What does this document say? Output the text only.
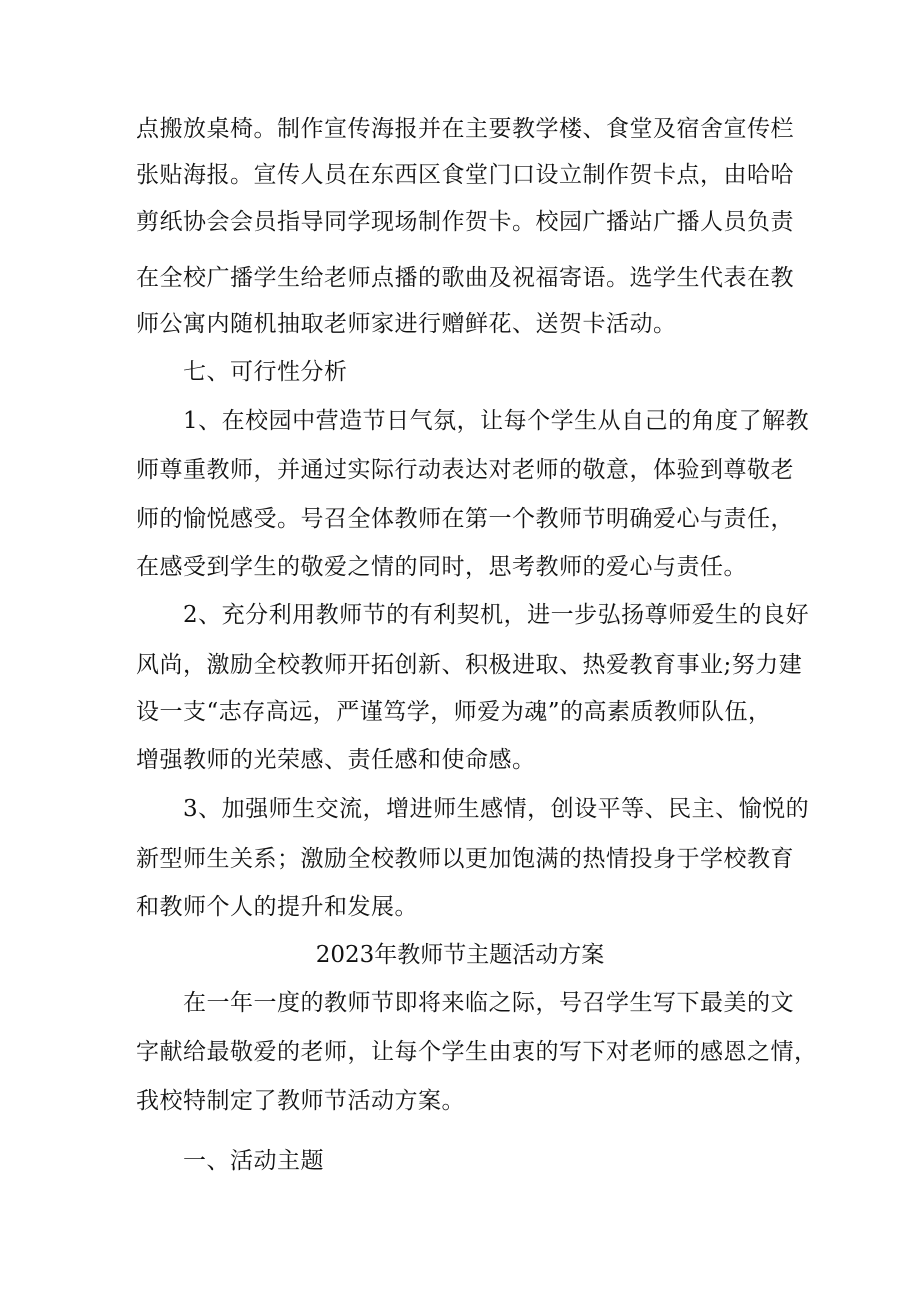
点搬放桌椅。制作宣传海报并在主要教学楼、食堂及宿舍宣传栏
张贴海报。宣传人员在东西区食堂门口设立制作贺卡点，由哈哈
剪纸协会会员指导同学现场制作贺卡。校园广播站广播人员负责
在全校广播学生给老师点播的歌曲及祝福寄语。选学生代表在教
师公寓内随机抽取老师家进行赠鲜花、送贺卡活动。
七、可行性分析
1、在校园中营造节日气氛，让每个学生从自己的角度了解教
师尊重教师，并通过实际行动表达对老师的敬意，体验到尊敬老
师的愉悦感受。号召全体教师在第一个教师节明确爱心与责任，
在感受到学生的敬爱之情的同时，思考教师的爱心与责任。
2、充分利用教师节的有利契机，进一步弘扬尊师爱生的良好
风尚，激励全校教师开拓创新、积极进取、热爱教育事业;努力建
设一支“志存高远，严谨笃学，师爱为魂”的高素质教师队伍，
增强教师的光荣感、责任感和使命感。
3、加强师生交流，增进师生感情，创设平等、民主、愉悦的
新型师生关系；激励全校教师以更加饱满的热情投身于学校教育
和教师个人的提升和发展。
2023年教师节主题活动方案
在一年一度的教师节即将来临之际，号召学生写下最美的文
字献给最敬爱的老师，让每个学生由衷的写下对老师的感恩之情，
我校特制定了教师节活动方案。
一、活动主题
